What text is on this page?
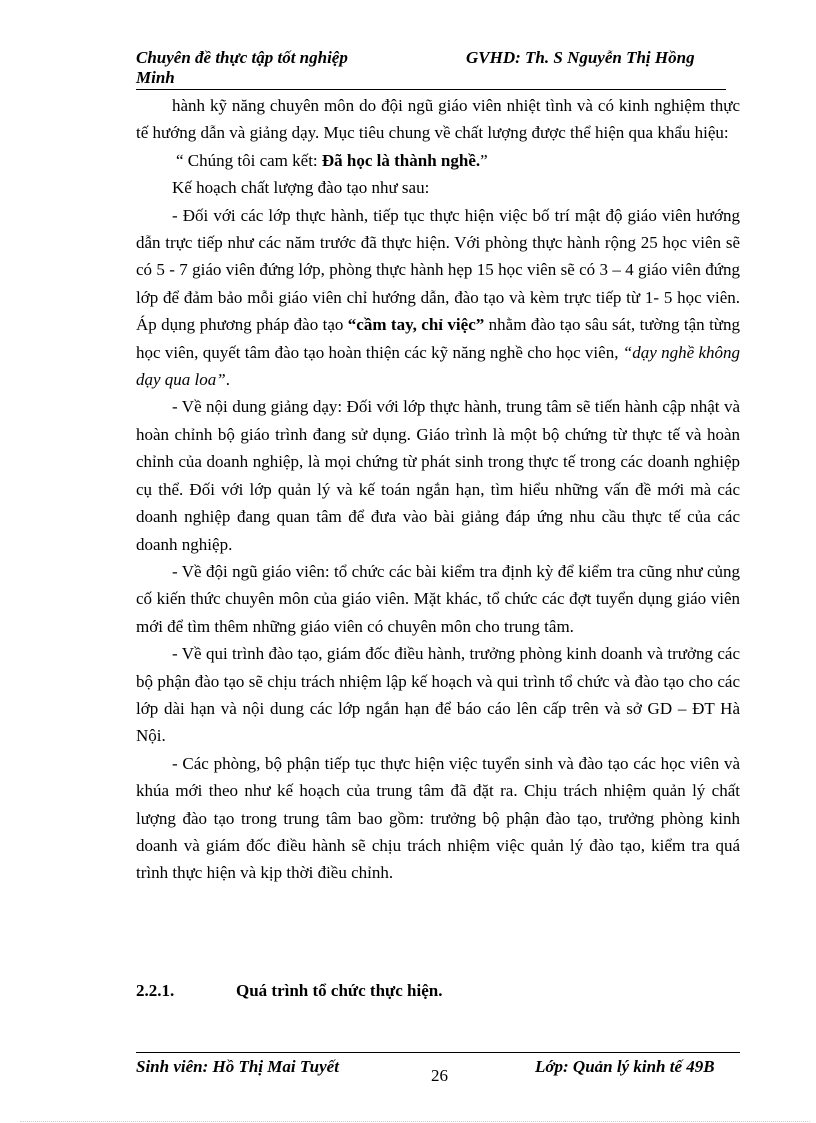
Chuyên đề thực tập tốt nghiệp
Minh
GVHD: Th. S Nguyễn Thị Hồng

hành kỹ năng chuyên môn do đội ngũ giáo viên nhiệt tình và có kinh nghiệm thực tế hướng dẫn và giảng dạy. Mục tiêu chung về chất lượng được thể hiện qua khẩu hiệu:

“ Chúng tôi cam kết: Đã học là thành nghề.”

Kế hoạch chất lượng đào tạo như sau:

- Đối với các lớp thực hành, tiếp tục thực hiện việc bố trí mật độ giáo viên hướng dẫn trực tiếp như các năm trước đã thực hiện. Với phòng thực hành rộng 25 học viên sẽ có 5 - 7 giáo viên đứng lớp, phòng thực hành hẹp 15 học viên sẽ có 3 – 4 giáo viên đứng lớp để đảm bảo mỗi giáo viên chỉ hướng dẫn, đào tạo và kèm trực tiếp từ 1- 5 học viên. Áp dụng phương pháp đào tạo “cầm tay, chỉ việc” nhằm đào tạo sâu sát, tường tận từng học viên, quyết tâm đào tạo hoàn thiện các kỹ năng nghề cho học viên, “dạy nghề không dạy qua loa”.

- Về nội dung giảng dạy: Đối với lớp thực hành, trung tâm sẽ tiến hành cập nhật và hoàn chỉnh bộ giáo trình đang sử dụng. Giáo trình là một bộ chứng từ thực tế và hoàn chỉnh của doanh nghiệp, là mọi chứng từ phát sinh trong thực tế trong các doanh nghiệp cụ thể. Đối với lớp quản lý và kế toán ngắn hạn, tìm hiểu những vấn đề mới mà các doanh nghiệp đang quan tâm để đưa vào bài giảng đáp ứng nhu cầu thực tế của các doanh nghiệp.

- Về đội ngũ giáo viên: tổ chức các bài kiểm tra định kỳ để kiểm tra cũng như củng cố kiến thức chuyên môn của giáo viên. Mặt khác, tổ chức các đợt tuyển dụng giáo viên mới để tìm thêm những giáo viên có chuyên môn cho trung tâm.

- Về qui trình đào tạo, giám đốc điều hành, trưởng phòng kinh doanh và trưởng các bộ phận đào tạo sẽ chịu trách nhiệm lập kế hoạch và qui trình tổ chức và đào tạo cho các lớp dài hạn và nội dung các lớp ngắn hạn để báo cáo lên cấp trên và sở GD – ĐT Hà Nội.

- Các phòng, bộ phận tiếp tục thực hiện việc tuyển sinh và đào tạo các học viên và khúa mới theo như kế hoạch của trung tâm đã đặt ra. Chịu trách nhiệm quản lý chất lượng đào tạo trong trung tâm bao gồm: trưởng bộ phận đào tạo, trưởng phòng kinh doanh và giám đốc điều hành sẽ chịu trách nhiệm việc quản lý đào tạo, kiểm tra quá trình thực hiện và kịp thời điều chỉnh.

2.2.1.	Quá trình tổ chức thực hiện.
Sinh viên: Hồ Thị Mai Tuyết	26	Lớp: Quản lý kinh tế 49B
